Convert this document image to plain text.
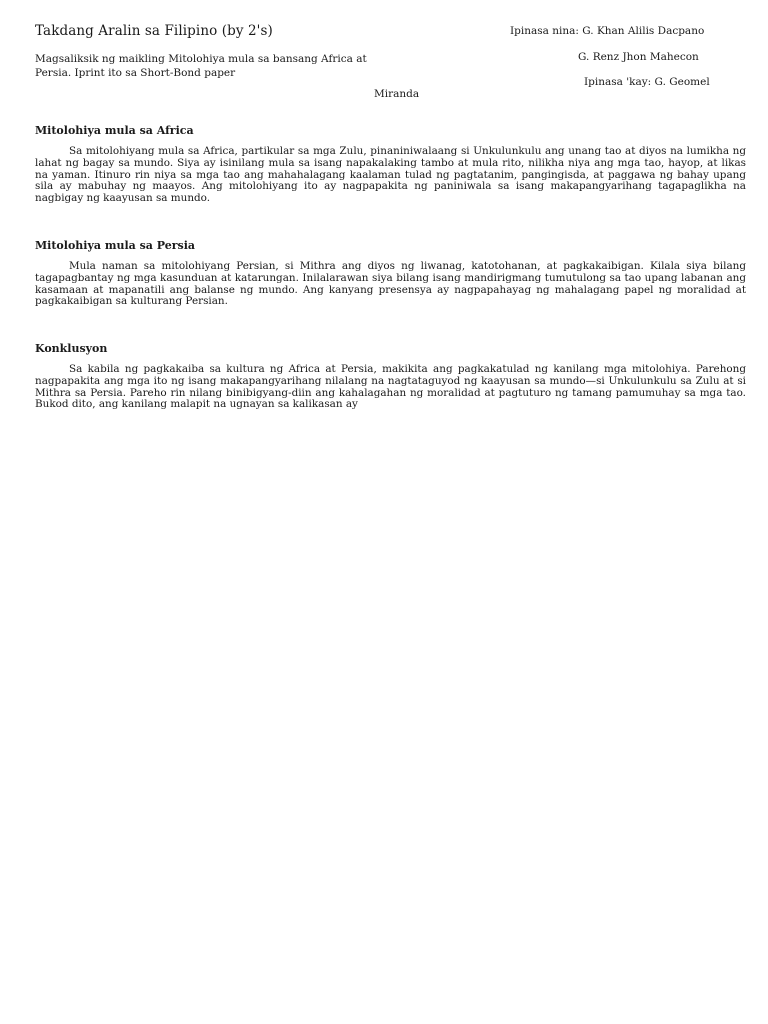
Takdang Aralin sa Filipino (by 2's)	Ipinasa nina: G. Khan Alilis Dacpano
G. Renz Jhon Mahecon
Ipinasa 'kay: G. Geomel
Miranda
Magsaliksik ng maikling Mitolohiya mula sa bansang Africa at Persia. Iprint ito sa Short-Bond paper
Mitolohiya mula sa Africa
Sa mitolohiyang mula sa Africa, partikular sa mga Zulu, pinaniniwalaang si Unkulunkulu ang unang tao at diyos na lumikha ng lahat ng bagay sa mundo. Siya ay isinilang mula sa isang napakalaking tambo at mula rito, nilikha niya ang mga tao, hayop, at likas na yaman. Itinuro rin niya sa mga tao ang mahahalagang kaalaman tulad ng pagtatanim, pangingisda, at paggawa ng bahay upang sila ay mabuhay ng maayos. Ang mitolohiyang ito ay nagpapakita ng paniniwala sa isang makapangyarihang tagapaglikha na nagbigay ng kaayusan sa mundo.
Mitolohiya mula sa Persia
Mula naman sa mitolohiyang Persian, si Mithra ang diyos ng liwanag, katotohanan, at pagkakaibigan. Kilala siya bilang tagapagbantay ng mga kasunduan at katarungan. Inilalarawan siya bilang isang mandirigmang tumutulong sa tao upang labanan ang kasamaan at mapanatili ang balanse ng mundo. Ang kanyang presensya ay nagpapahayag ng mahalagang papel ng moralidad at pagkakaibigan sa kulturang Persian.
Konklusyon
Sa kabila ng pagkakaiba sa kultura ng Africa at Persia, makikita ang pagkakatulad ng kanilang mga mitolohiya. Parehong nagpapakita ang mga ito ng isang makapangyarihang nilalang na nagtataguyod ng kaayusan sa mundo—si Unkulunkulu sa Zulu at si Mithra sa Persia. Pareho rin nilang binibigyang-diin ang kahalagahan ng moralidad at pagtuturo ng tamang pamumuhay sa mga tao. Bukod dito, ang kanilang malapit na ugnayan sa kalikasan ay
